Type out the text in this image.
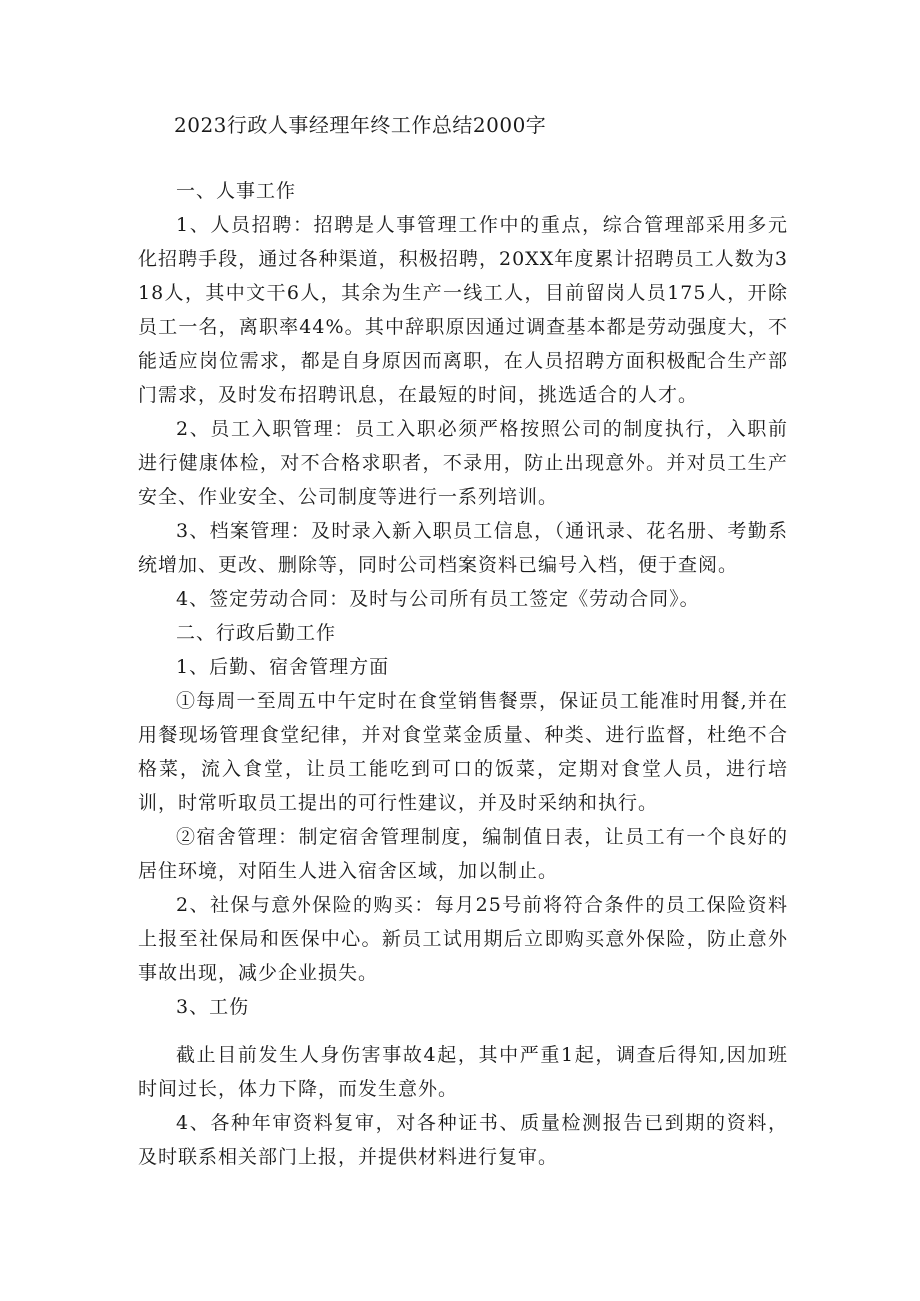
2023行政人事经理年终工作总结2000字

一、人事工作

1、人员招聘：招聘是人事管理工作中的重点，综合管理部采用多元化招聘手段，通过各种渠道，积极招聘，20XX年度累计招聘员工人数为318人，其中文干6人，其余为生产一线工人，目前留岗人员175人，开除员工一名，离职率44%。其中辞职原因通过调查基本都是劳动强度大，不能适应岗位需求，都是自身原因而离职，在人员招聘方面积极配合生产部门需求，及时发布招聘讯息，在最短的时间，挑选适合的人才。

2、员工入职管理：员工入职必须严格按照公司的制度执行，入职前进行健康体检，对不合格求职者，不录用，防止出现意外。并对员工生产安全、作业安全、公司制度等进行一系列培训。

3、档案管理：及时录入新入职员工信息，（通讯录、花名册、考勤系统增加、更改、删除等，同时公司档案资料已编号入档，便于查阅。

4、签定劳动合同：及时与公司所有员工签定《劳动合同》。

二、行政后勤工作

1、后勤、宿舍管理方面

①每周一至周五中午定时在食堂销售餐票，保证员工能准时用餐,并在用餐现场管理食堂纪律，并对食堂菜金质量、种类、进行监督，杜绝不合格菜，流入食堂，让员工能吃到可口的饭菜，定期对食堂人员，进行培训，时常听取员工提出的可行性建议，并及时采纳和执行。

②宿舍管理：制定宿舍管理制度，编制值日表，让员工有一个良好的居住环境，对陌生人进入宿舍区域，加以制止。

2、社保与意外保险的购买：每月25号前将符合条件的员工保险资料上报至社保局和医保中心。新员工试用期后立即购买意外保险，防止意外事故出现，减少企业损失。

3、工伤

截止目前发生人身伤害事故4起，其中严重1起，调查后得知,因加班时间过长，体力下降，而发生意外。

4、各种年审资料复审，对各种证书、质量检测报告已到期的资料，及时联系相关部门上报，并提供材料进行复审。
